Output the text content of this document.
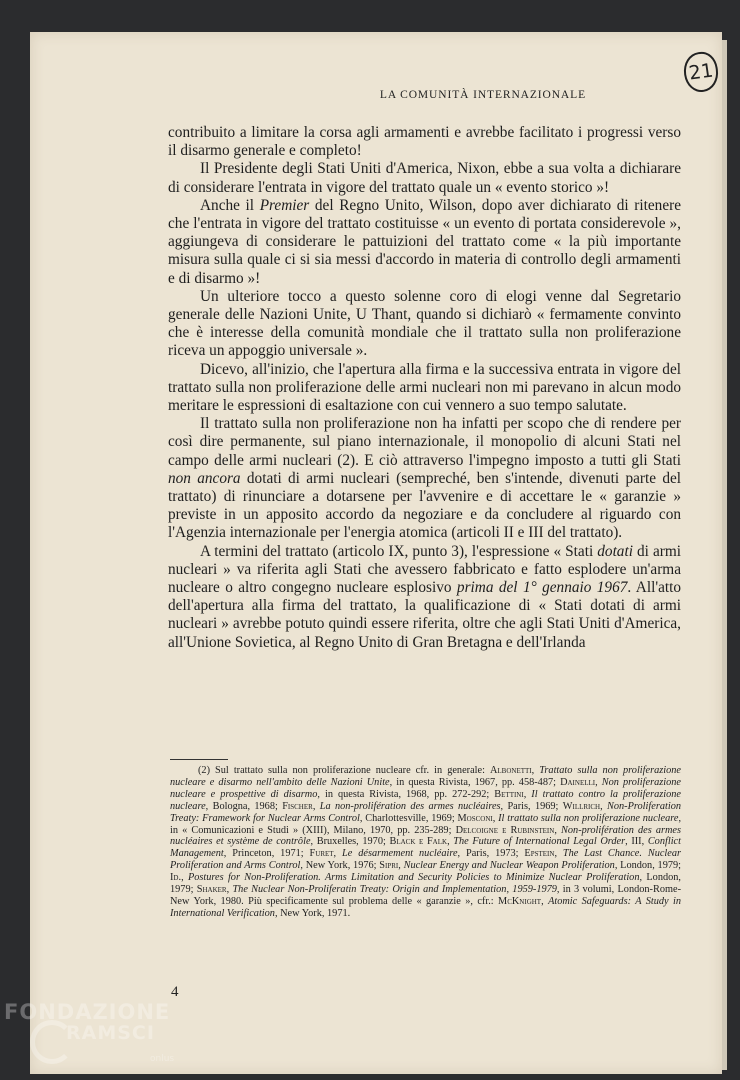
21
LA COMUNITÀ INTERNAZIONALE

contribuito a limitare la corsa agli armamenti e avrebbe facilitato i progressi verso il disarmo generale e completo!

Il Presidente degli Stati Uniti d'America, Nixon, ebbe a sua volta a dichiarare di considerare l'entrata in vigore del trattato quale un « evento storico »!

Anche il Premier del Regno Unito, Wilson, dopo aver dichiarato di ritenere che l'entrata in vigore del trattato costituisse « un evento di portata considerevole », aggiungeva di considerare le pattuizioni del trattato come « la più importante misura sulla quale ci si sia messi d'accordo in materia di controllo degli armamenti e di disarmo »!

Un ulteriore tocco a questo solenne coro di elogi venne dal Segretario generale delle Nazioni Unite, U Thant, quando si dichiarò « fermamente convinto che è interesse della comunità mondiale che il trattato sulla non proliferazione riceva un appoggio universale ».

Dicevo, all'inizio, che l'apertura alla firma e la successiva entrata in vigore del trattato sulla non proliferazione delle armi nucleari non mi parevano in alcun modo meritare le espressioni di esaltazione con cui vennero a suo tempo salutate.

Il trattato sulla non proliferazione non ha infatti per scopo che di rendere per così dire permanente, sul piano internazionale, il monopolio di alcuni Stati nel campo delle armi nucleari (2). E ciò attraverso l'impegno imposto a tutti gli Stati non ancora dotati di armi nucleari (sempreché, ben s'intende, divenuti parte del trattato) di rinunciare a dotarsene per l'avvenire e di accettare le « garanzie » previste in un apposito accordo da negoziare e da concludere al riguardo con l'Agenzia internazionale per l'energia atomica (articoli II e III del trattato).

A termini del trattato (articolo IX, punto 3), l'espressione « Stati dotati di armi nucleari » va riferita agli Stati che avessero fabbricato e fatto esplodere un'arma nucleare o altro congegno nucleare esplosivo prima del 1° gennaio 1967. All'atto dell'apertura alla firma del trattato, la qualificazione di « Stati dotati di armi nucleari » avrebbe potuto quindi essere riferita, oltre che agli Stati Uniti d'America, all'Unione Sovietica, al Regno Unito di Gran Bretagna e dell'Irlanda

(2) Sul trattato sulla non proliferazione nucleare cfr. in generale: Albonetti, Trattato sulla non proliferazione nucleare e disarmo nell'ambito delle Nazioni Unite, in questa Rivista, 1967, pp. 458-487; Dainelli, Non proliferazione nucleare e prospettive di disarmo, in questa Rivista, 1968, pp. 272-292; Bettini, Il trattato contro la proliferazione nucleare, Bologna, 1968; Fischer, La non-prolifération des armes nucléaires, Paris, 1969; Willrich, Non-Proliferation Treaty: Framework for Nuclear Arms Control, Charlottesville, 1969; Mosconi, Il trattato sulla non proliferazione nucleare, in « Comunicazioni e Studi » (XIII), Milano, 1970, pp. 235-289; Delcoigne e Rubinstein, Non-prolifération des armes nucléaires et système de contrôle, Bruxelles, 1970; Black e Falk, The Future of International Legal Order, III, Conflict Management, Princeton, 1971; Furet, Le désarmement nucléaire, Paris, 1973; Epstein, The Last Chance. Nuclear Proliferation and Arms Control, New York, 1976; Sipri, Nuclear Energy and Nuclear Weapon Proliferation, London, 1979; Id., Postures for Non-Proliferation. Arms Limitation and Security Policies to Minimize Nuclear Proliferation, London, 1979; Shaker, The Nuclear Non-Proliferatin Treaty: Origin and Implementation, 1959-1979, in 3 volumi, London-Rome-New York, 1980. Più specificamente sul problema delle « garanzie », cfr.: McKnight, Atomic Safeguards: A Study in International Verification, New York, 1971.

4
FONDAZIONE
RAMSCI
onlus
